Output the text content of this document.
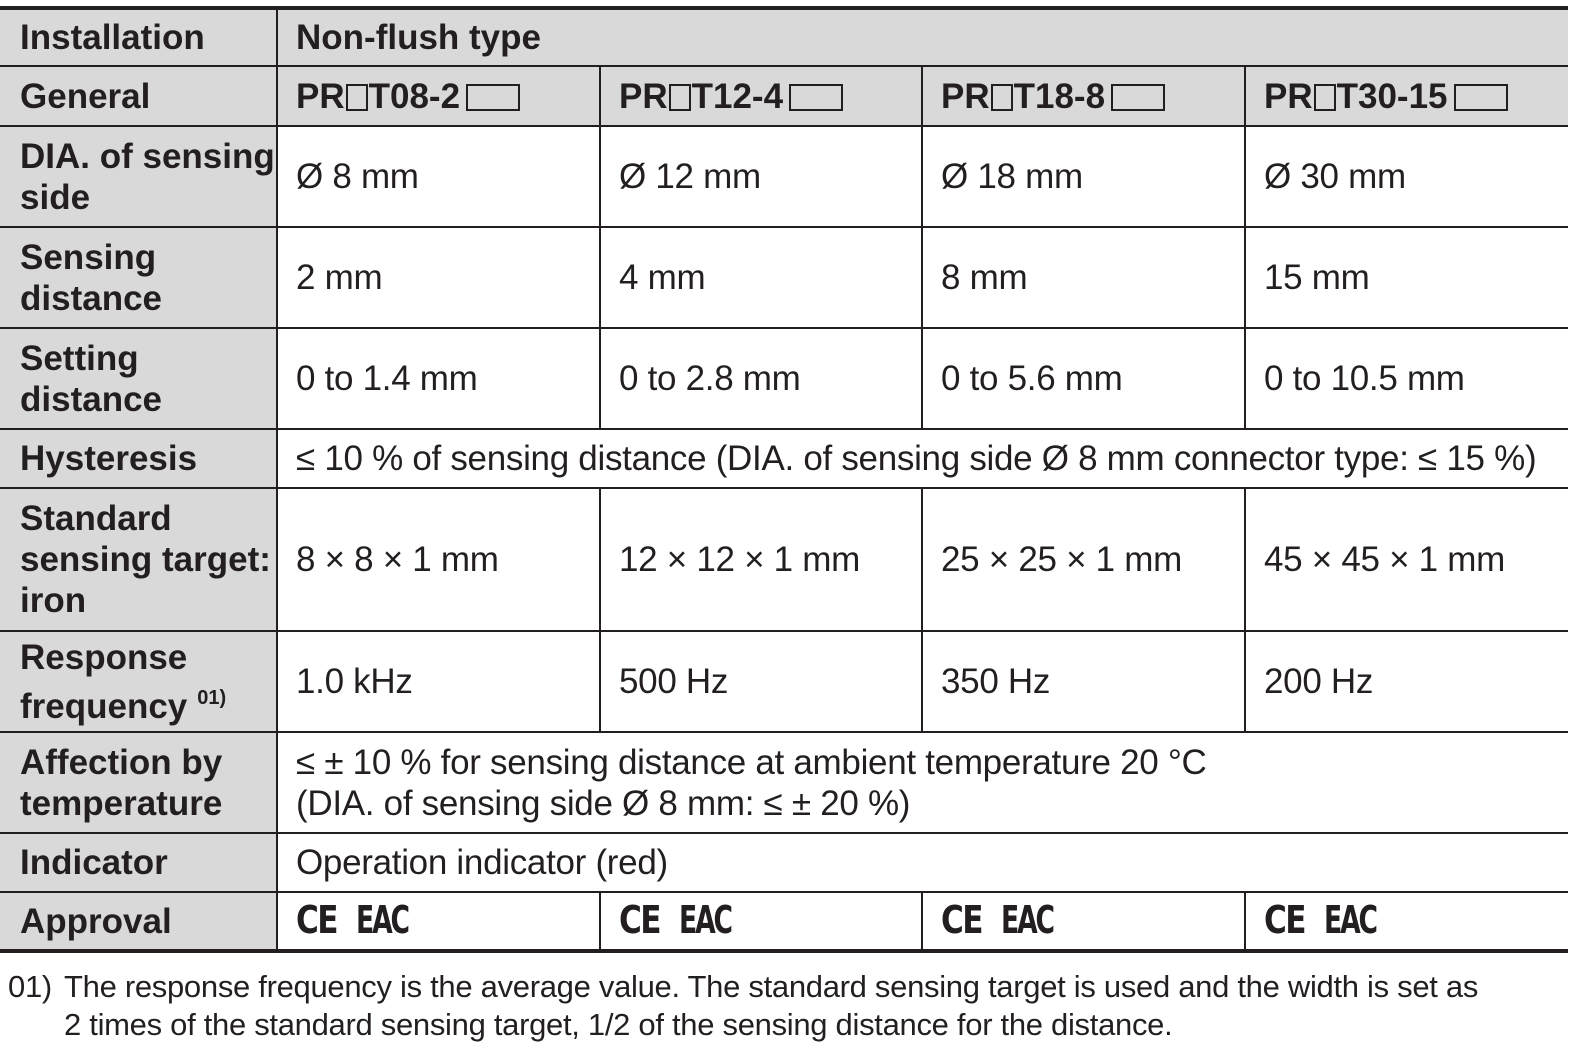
Installation	Non-flush type			
General	PR T08-2	PR T12-4	PR T18-8	PR T30-15
DIA. of sensing
side	Ø 8 mm	Ø 12 mm	Ø 18 mm	Ø 30 mm
Sensing
distance	2 mm	4 mm	8 mm	15 mm
Setting
distance	0 to 1.4 mm	0 to 2.8 mm	0 to 5.6 mm	0 to 10.5 mm
Hysteresis	≤ 10 % of sensing distance (DIA. of sensing side Ø 8 mm connector type: ≤ 15 %)			
Standard
sensing target:
iron	8 × 8 × 1 mm	12 × 12 × 1 mm	25 × 25 × 1 mm	45 × 45 × 1 mm
Response
frequency $^{01)}$	1.0 kHz	500 Hz	350 Hz	200 Hz
Affection by
temperature	≤ ± 10 % for sensing distance at ambient temperature 20 °C
(DIA. of sensing side Ø 8 mm: ≤ ± 20 %)			
Indicator	Operation indicator (red)			
Approval	CE EAC	CE EAC	CE EAC	CE EAC
01) The response frequency is the average value. The standard sensing target is used and the width is set as
2 times of the standard sensing target, 1/2 of the sensing distance for the distance.
